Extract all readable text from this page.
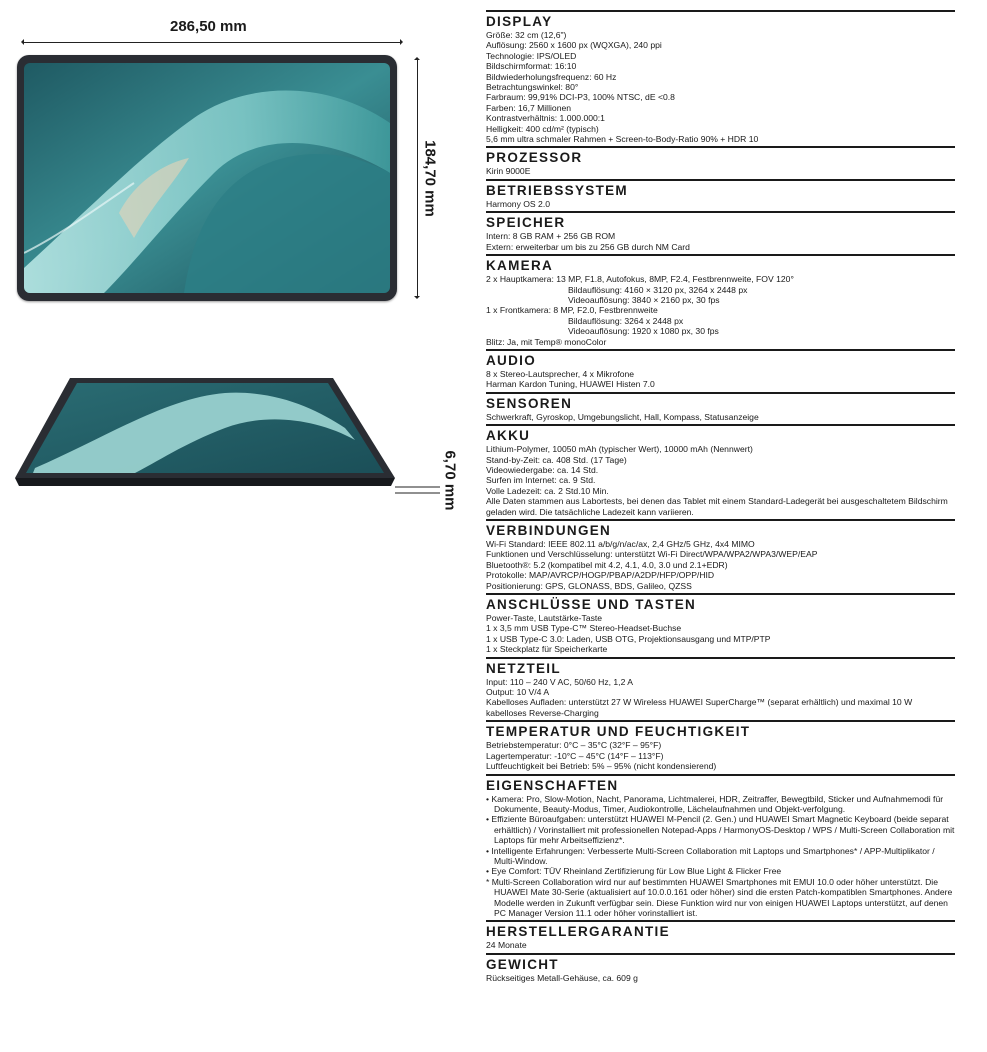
286,50 mm
184,70 mm
6,70 mm
DISPLAY
Größe: 32 cm (12,6")
Auflösung: 2560 x 1600 px (WQXGA), 240 ppi
Technologie: IPS/OLED
Bildschirmformat: 16:10
Bildwiederholungsfrequenz: 60 Hz
Betrachtungswinkel: 80°
Farbraum: 99,91% DCI-P3, 100% NTSC, dE <0.8
Farben: 16,7 Millionen
Kontrastverhältnis: 1.000.000:1
Helligkeit: 400 cd/m² (typisch)
5,6 mm ultra schmaler Rahmen + Screen-to-Body-Ratio 90% + HDR 10
PROZESSOR
Kirin 9000E
BETRIEBSSYSTEM
Harmony OS 2.0
SPEICHER
Intern: 8 GB RAM + 256 GB ROM
Extern: erweiterbar um bis zu 256 GB durch NM Card
KAMERA
2 x Hauptkamera: 13 MP, F1.8, Autofokus, 8MP, F2.4, Festbrennweite, FOV 120°
Bildauflösung: 4160 × 3120 px, 3264 x 2448 px
Videoauflösung: 3840 × 2160 px, 30 fps
1 x Frontkamera: 8 MP, F2.0, Festbrennweite
Bildauflösung: 3264 x 2448 px
Videoauflösung: 1920 x 1080 px, 30 fps
Blitz: Ja, mit Temp® monoColor
AUDIO
8 x Stereo-Lautsprecher, 4 x Mikrofone
Harman Kardon Tuning, HUAWEI Histen 7.0
SENSOREN
Schwerkraft, Gyroskop, Umgebungslicht, Hall, Kompass, Statusanzeige
AKKU
Lithium-Polymer, 10050 mAh (typischer Wert), 10000 mAh (Nennwert)
Stand-by-Zeit: ca. 408 Std. (17 Tage)
Videowiedergabe: ca. 14 Std.
Surfen im Internet: ca. 9 Std.
Volle Ladezeit: ca. 2 Std.10 Min.
Alle Daten stammen aus Labortests, bei denen das Tablet mit einem Standard-Ladegerät bei ausgeschaltetem Bildschirm geladen wird. Die tatsächliche Ladezeit kann variieren.
VERBINDUNGEN
Wi-Fi Standard: IEEE 802.11 a/b/g/n/ac/ax, 2,4 GHz/5 GHz, 4x4 MIMO
Funktionen und Verschlüsselung: unterstützt Wi-Fi Direct/WPA/WPA2/WPA3/WEP/EAP
Bluetooth®: 5.2 (kompatibel mit 4.2, 4.1, 4.0, 3.0 und 2.1+EDR)
Protokolle: MAP/AVRCP/HOGP/PBAP/A2DP/HFP/OPP/HID
Positionierung: GPS, GLONASS, BDS, Galileo, QZSS
ANSCHLÜSSE UND TASTEN
Power-Taste, Lautstärke-Taste
1 x 3,5 mm USB Type-C™ Stereo-Headset-Buchse
1 x USB Type-C 3.0: Laden, USB OTG, Projektionsausgang und MTP/PTP
1 x Steckplatz für Speicherkarte
NETZTEIL
Input: 110 – 240 V AC, 50/60 Hz, 1,2 A
Output: 10 V/4 A
Kabelloses Aufladen: unterstützt 27 W Wireless HUAWEI SuperCharge™ (separat erhältlich) und maximal 10 W kabelloses Reverse-Charging
TEMPERATUR UND FEUCHTIGKEIT
Betriebstemperatur: 0°C – 35°C (32°F – 95°F)
Lagertemperatur: -10°C – 45°C (14°F – 113°F)
Luftfeuchtigkeit bei Betrieb: 5% – 95% (nicht kondensierend)
EIGENSCHAFTEN
• Kamera: Pro, Slow-Motion, Nacht, Panorama, Lichtmalerei, HDR, Zeitraffer, Bewegtbild, Sticker und Aufnahmemodi für Dokumente, Beauty-Modus, Timer, Audiokontrolle, Lächelaufnahmen und Objekt-verfolgung.
• Effiziente Büroaufgaben: unterstützt HUAWEI M-Pencil (2. Gen.) und HUAWEI Smart Magnetic Keyboard (beide separat erhältlich) / Vorinstalliert mit professionellen Notepad-Apps / HarmonyOS-Desktop / WPS / Multi-Screen Collaboration mit Laptops für mehr Arbeitseffizienz*.
• Intelligente Erfahrungen: Verbesserte Multi-Screen Collaboration mit Laptops und Smartphones* / APP-Multiplikator / Multi-Window.
• Eye Comfort: TÜV Rheinland Zertifizierung für Low Blue Light & Flicker Free
* Multi-Screen Collaboration wird nur auf bestimmten HUAWEI Smartphones mit EMUI 10.0 oder höher unterstützt. Die HUAWEI Mate 30-Serie (aktualisiert auf 10.0.0.161 oder höher) sind die ersten Patch-kompatiblen Smartphones. Andere Modelle werden in Zukunft verfügbar sein. Diese Funktion wird nur von einigen HUAWEI Laptops unterstützt, auf denen PC Manager Version 11.1 oder höher vorinstalliert ist.
HERSTELLERGARANTIE
24 Monate
GEWICHT
Rückseitiges Metall-Gehäuse, ca. 609 g
